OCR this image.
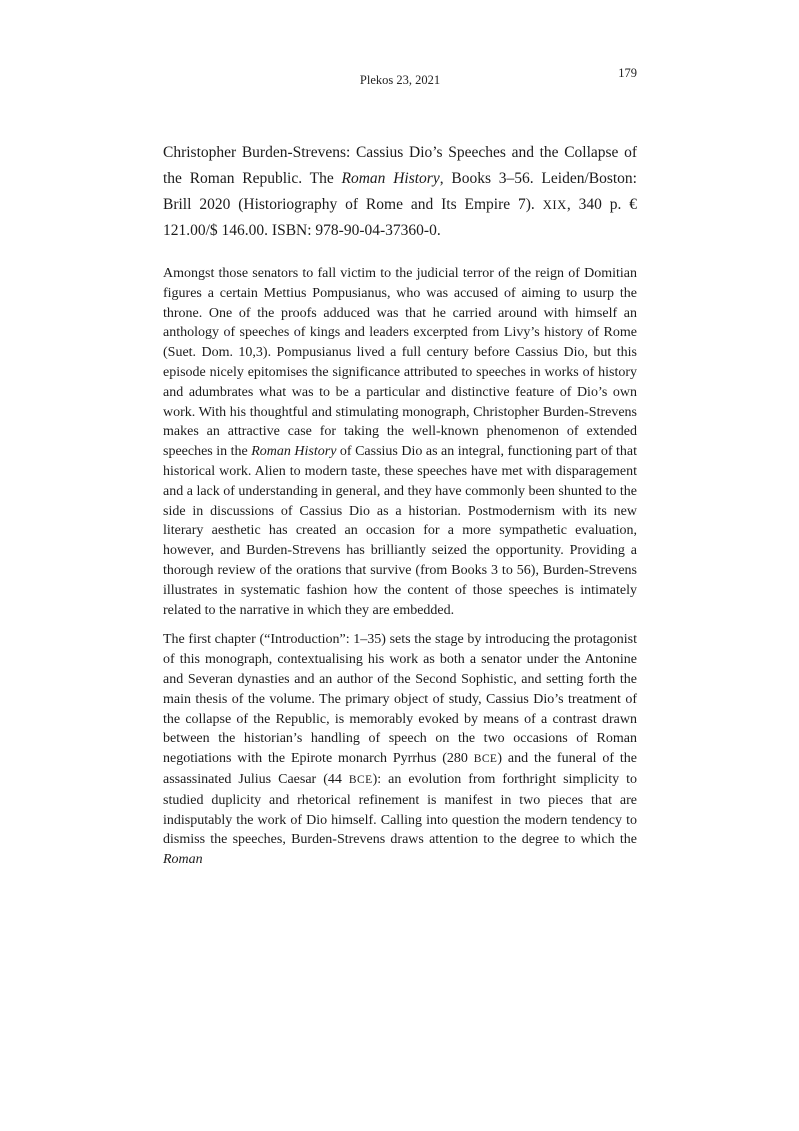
Plekos 23, 2021	179
Christopher Burden-Strevens: Cassius Dio’s Speeches and the Collapse of the Roman Republic. The Roman History, Books 3–56. Leiden/Boston: Brill 2020 (Historiography of Rome and Its Empire 7). XIX, 340 p. € 121.00/$ 146.00. ISBN: 978-90-04-37360-0.

Amongst those senators to fall victim to the judicial terror of the reign of Domitian figures a certain Mettius Pompusianus, who was accused of aiming to usurp the throne. One of the proofs adduced was that he carried around with himself an anthology of speeches of kings and leaders excerpted from Livy’s history of Rome (Suet. Dom. 10,3). Pompusianus lived a full century before Cassius Dio, but this episode nicely epitomises the significance attributed to speeches in works of history and adumbrates what was to be a particular and distinctive feature of Dio’s own work. With his thoughtful and stimulating monograph, Christopher Burden-Strevens makes an attractive case for taking the well-known phenomenon of extended speeches in the Roman History of Cassius Dio as an integral, functioning part of that historical work. Alien to modern taste, these speeches have met with disparagement and a lack of understanding in general, and they have commonly been shunted to the side in discussions of Cassius Dio as a historian. Postmodernism with its new literary aesthetic has created an occasion for a more sympathetic evaluation, however, and Burden-Strevens has brilliantly seized the opportunity. Providing a thorough review of the orations that survive (from Books 3 to 56), Burden-Strevens illustrates in systematic fashion how the content of those speeches is intimately related to the narrative in which they are embedded.

The first chapter (“Introduction”: 1–35) sets the stage by introducing the protagonist of this monograph, contextualising his work as both a senator under the Antonine and Severan dynasties and an author of the Second Sophistic, and setting forth the main thesis of the volume. The primary object of study, Cassius Dio’s treatment of the collapse of the Republic, is memorably evoked by means of a contrast drawn between the historian’s handling of speech on the two occasions of Roman negotiations with the Epirote monarch Pyrrhus (280 BCE) and the funeral of the assassinated Julius Caesar (44 BCE): an evolution from forthright simplicity to studied duplicity and rhetorical refinement is manifest in two pieces that are indisputably the work of Dio himself. Calling into question the modern tendency to dismiss the speeches, Burden-Strevens draws attention to the degree to which the Roman
